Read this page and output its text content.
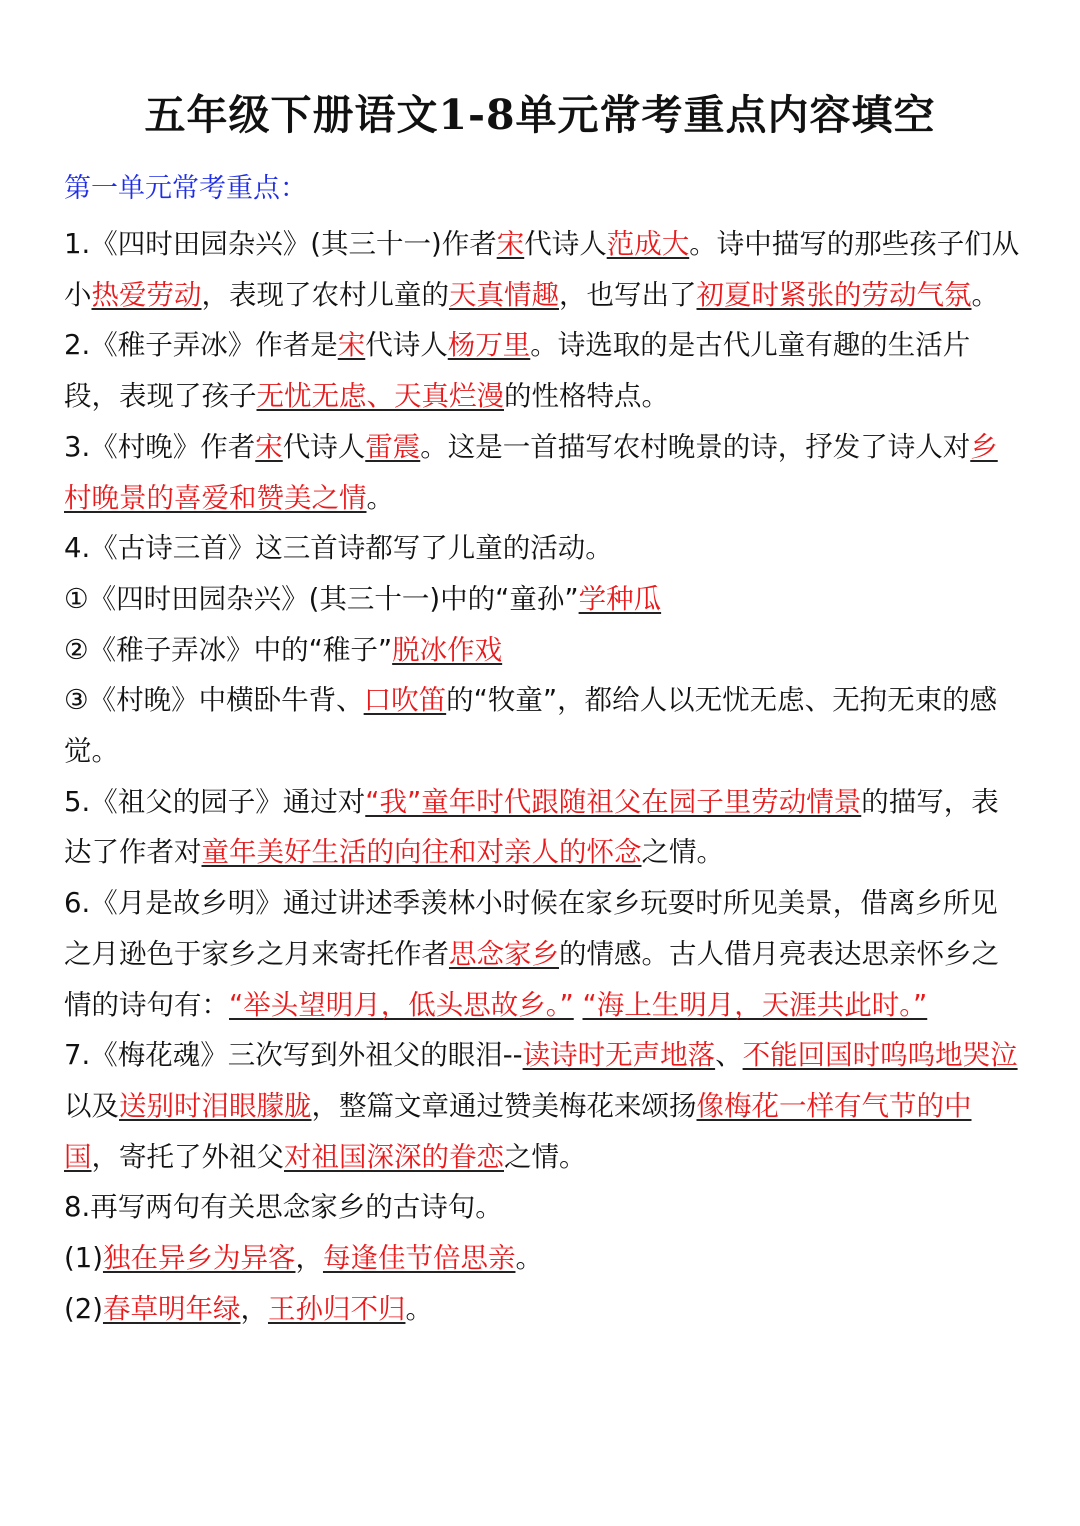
五年级下册语文1-8单元常考重点内容填空

第一单元常考重点：

1.《四时田园杂兴》(其三十一)作者宋代诗人范成大。诗中描写的那些孩子们从小热爱劳动，表现了农村儿童的天真情趣，也写出了初夏时紧张的劳动气氛。

2.《稚子弄冰》作者是宋代诗人杨万里。诗选取的是古代儿童有趣的生活片段，表现了孩子无忧无虑、天真烂漫的性格特点。

3.《村晚》作者宋代诗人雷震。这是一首描写农村晚景的诗，抒发了诗人对乡村晚景的喜爱和赞美之情。

4.《古诗三首》这三首诗都写了儿童的活动。

①《四时田园杂兴》(其三十一)中的“童孙”学种瓜

②《稚子弄冰》中的“稚子”脱冰作戏

③《村晚》中横卧牛背、口吹笛的“牧童”，都给人以无忧无虑、无拘无束的感觉。

5.《祖父的园子》通过对“我”童年时代跟随祖父在园子里劳动情景的描写，表达了作者对童年美好生活的向往和对亲人的怀念之情。

6.《月是故乡明》通过讲述季羡林小时候在家乡玩耍时所见美景，借离乡所见之月逊色于家乡之月来寄托作者思念家乡的情感。古人借月亮表达思亲怀乡之情的诗句有：“举头望明月，低头思故乡。” “海上生明月，天涯共此时。”

7.《梅花魂》三次写到外祖父的眼泪--读诗时无声地落、不能回国时呜呜地哭泣以及送别时泪眼朦胧，整篇文章通过赞美梅花来颂扬像梅花一样有气节的中国，寄托了外祖父对祖国深深的眷恋之情。

8.再写两句有关思念家乡的古诗句。

(1)独在异乡为异客，每逢佳节倍思亲。

(2)春草明年绿，王孙归不归。
